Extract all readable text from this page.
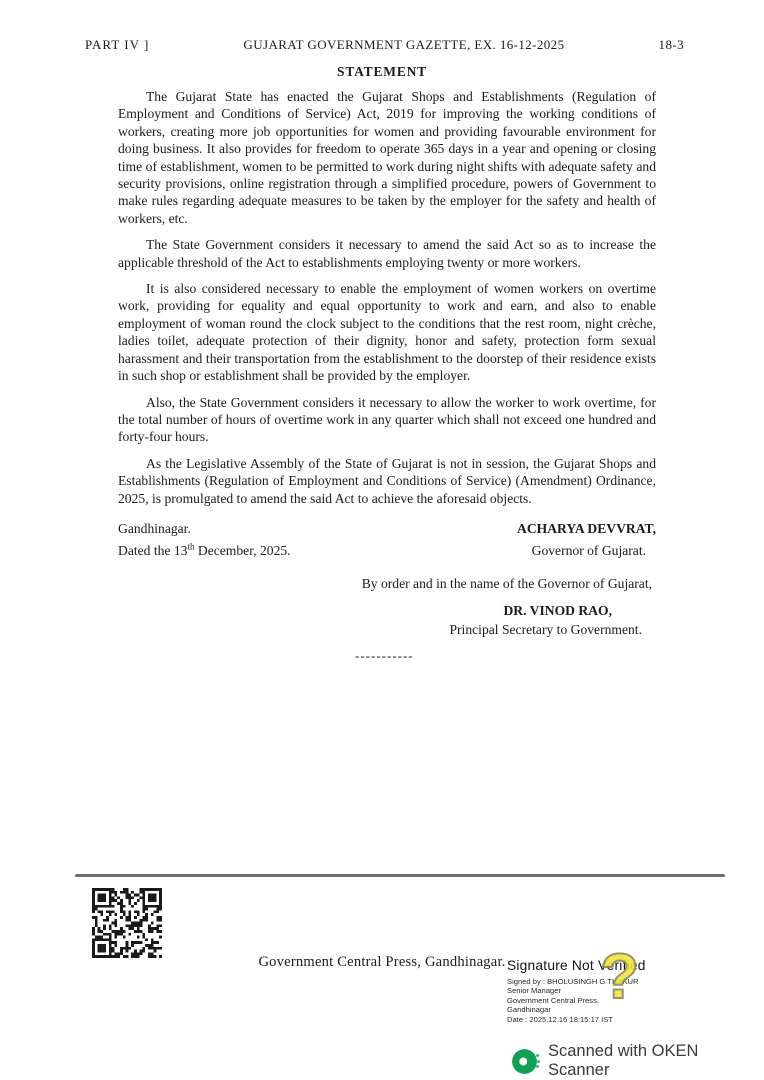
PART IV ]	GUJARAT GOVERNMENT GAZETTE, EX. 16-12-2025	18-3
STATEMENT

The Gujarat State has enacted the Gujarat Shops and Establishments (Regulation of Employment and Conditions of Service) Act, 2019 for improving the working conditions of workers, creating more job opportunities for women and providing favourable environment for doing business. It also provides for freedom to operate 365 days in a year and opening or closing time of establishment, women to be permitted to work during night shifts with adequate safety and security provisions, online registration through a simplified procedure, powers of Government to make rules regarding adequate measures to be taken by the employer for the safety and health of workers, etc.

The State Government considers it necessary to amend the said Act so as to increase the applicable threshold of the Act to establishments employing twenty or more workers.

It is also considered necessary to enable the employment of women workers on overtime work, providing for equality and equal opportunity to work and earn, and also to enable employment of woman round the clock subject to the conditions that the rest room, night crèche, ladies toilet, adequate protection of their dignity, honor and safety, protection form sexual harassment and their transportation from the establishment to the doorstep of their residence exists in such shop or establishment shall be provided by the employer.

Also, the State Government considers it necessary to allow the worker to work overtime, for the total number of hours of overtime work in any quarter which shall not exceed one hundred and forty-four hours.

As the Legislative Assembly of the State of Gujarat is not in session, the Gujarat Shops and Establishments (Regulation of Employment and Conditions of Service) (Amendment) Ordinance, 2025, is promulgated to amend the said Act to achieve the aforesaid objects.

Gandhinagar.	ACHARYA DEVVRAT,
Dated the 13th December, 2025.	Governor of Gujarat.
By order and in the name of the Governor of Gujarat,
DR. VINOD RAO,
Principal Secretary to Government.
-----------
Government Central Press, Gandhinagar. Signature Not Verified
Signed by : BHOLUSINGH G THAKUR
Senior Manager
Government Central Press,
Gandhinagar
Date : 2025.12.16 18:15:17 IST
?
Scanned with OKEN Scanner
